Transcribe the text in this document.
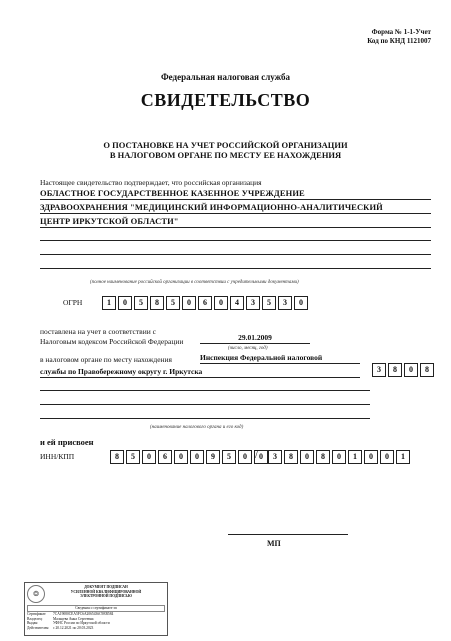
Форма № 1-1-Учет
Код по КНД 1121007
Федеральная налоговая служба
СВИДЕТЕЛЬСТВО
О ПОСТАНОВКЕ НА УЧЕТ РОССИЙСКОЙ ОРГАНИЗАЦИИ
В НАЛОГОВОМ ОРГАНЕ ПО МЕСТУ ЕЕ НАХОЖДЕНИЯ
Настоящее свидетельство подтверждает, что российская организация
ОБЛАСТНОЕ ГОСУДАРСТВЕННОЕ КАЗЕННОЕ УЧРЕЖДЕНИЕ
ЗДРАВООХРАНЕНИЯ "МЕДИЦИНСКИЙ ИНФОРМАЦИОННО-АНАЛИТИЧЕСКИЙ
ЦЕНТР ИРКУТСКОЙ ОБЛАСТИ"
(полное наименование российской организации в соответствии с учредительными документами)
ОГРН	1	0	5	8	5	0	6	0	4	3	5	3	0
поставлена на учет в соответствии с
Налоговым кодексом Российской Федерации	29.01.2009
(число, месяц, год)
в налоговом органе по месту нахождения	Инспекция Федеральной налоговой
службы по Правобережному округу г. Иркутска	3	8	0	8
(наименование налогового органа и его код)
и ей присвоен
ИНН/КПП	8	5	0	6	0	0	9	5	0	0
/	3	8	0	8	0	1	0	0	1
МП
❂
ДОКУМЕНТ ПОДПИСАН
УСИЛЕННОЙ КВАЛИФИЦИРОВАННОЙ
ЭЛЕКТРОННОЙ ПОДПИСЬЮ
Сведения о сертификате эп
Сертификат:	7CA19080CEA5FC6A2065436C9EB584
Владелец:	Мальцева Анна Сергеевна
Выдан:	УФНС России по Иркутской области
Действителен:	с 20.12.2021 по 20.03.2023
